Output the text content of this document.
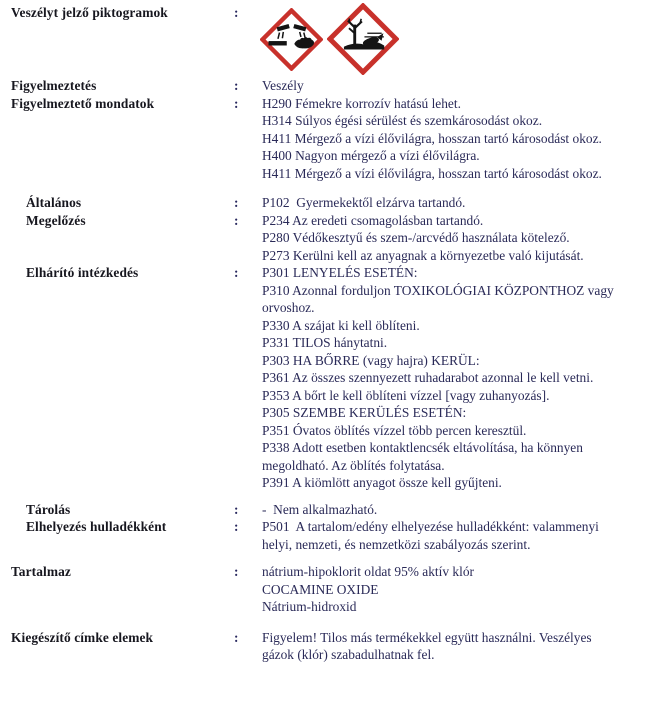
Veszélyt jelző piktogramok	:
Figyelmeztetés	:	Veszély
Figyelmeztető mondatok	:	H290 Fémekre korrozív hatású lehet.
H314 Súlyos égési sérülést és szemkárosodást okoz.
H411 Mérgező a vízi élővilágra, hosszan tartó károsodást okoz.
H400 Nagyon mérgező a vízi élővilágra.
H411 Mérgező a vízi élővilágra, hosszan tartó károsodást okoz.
Általános	:	P102  Gyermekektől elzárva tartandó.
Megelőzés	:	P234 Az eredeti csomagolásban tartandó.
P280 Védőkesztyű és szem-/arcvédő használata kötelező.
P273 Kerülni kell az anyagnak a környezetbe való kijutását.
Elhárító intézkedés	:	P301 LENYELÉS ESETÉN:
P310 Azonnal forduljon TOXIKOLÓGIAI KÖZPONTHOZ vagy
orvoshoz.
P330 A szájat ki kell öblíteni.
P331 TILOS hánytatni.
P303 HA BŐRRE (vagy hajra) KERÜL:
P361 Az összes szennyezett ruhadarabot azonnal le kell vetni.
P353 A bőrt le kell öblíteni vízzel [vagy zuhanyozás].
P305 SZEMBE KERÜLÉS ESETÉN:
P351 Óvatos öblítés vízzel több percen keresztül.
P338 Adott esetben kontaktlencsék eltávolítása, ha könnyen
megoldható. Az öblítés folytatása.
P391 A kiömlött anyagot össze kell gyűjteni.
Tárolás	:	-  Nem alkalmazható.
Elhelyezés hulladékként	:	P501  A tartalom/edény elhelyezése hulladékként: valammenyi
helyi, nemzeti, és nemzetközi szabályozás szerint.
Tartalmaz	:	nátrium-hipoklorit oldat 95% aktív klór
COCAMINE OXIDE
Nátrium-hidroxid
Kiegészítő címke elemek	:	Figyelem! Tilos más termékekkel együtt használni. Veszélyes
gázok (klór) szabadulhatnak fel.
